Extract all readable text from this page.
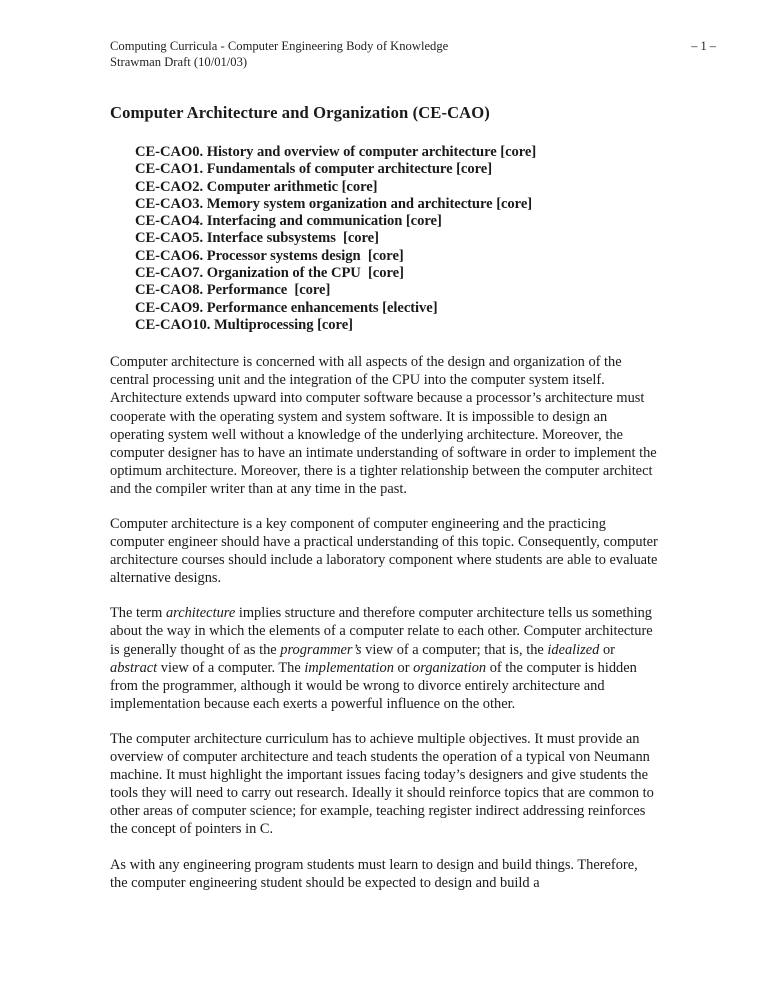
Computing Curricula - Computer Engineering Body of Knowledge
Strawman Draft (10/01/03)
– 1 –
Computer Architecture and Organization (CE-CAO)
CE-CAO0. History and overview of computer architecture [core]
CE-CAO1. Fundamentals of computer architecture [core]
CE-CAO2. Computer arithmetic [core]
CE-CAO3. Memory system organization and architecture [core]
CE-CAO4. Interfacing and communication [core]
CE-CAO5. Interface subsystems  [core]
CE-CAO6. Processor systems design  [core]
CE-CAO7. Organization of the CPU  [core]
CE-CAO8. Performance  [core]
CE-CAO9. Performance enhancements [elective]
CE-CAO10. Multiprocessing [core]

Computer architecture is concerned with all aspects of the design and organization of the central processing unit and the integration of the CPU into the computer system itself. Architecture extends upward into computer software because a processor’s architecture must cooperate with the operating system and system software. It is impossible to design an operating system well without a knowledge of the underlying architecture. Moreover, the computer designer has to have an intimate understanding of software in order to implement the optimum architecture. Moreover, there is a tighter relationship between the computer architect and the compiler writer than at any time in the past.

Computer architecture is a key component of computer engineering and the practicing computer engineer should have a practical understanding of this topic. Consequently, computer architecture courses should include a laboratory component where students are able to evaluate alternative designs.

The term architecture implies structure and therefore computer architecture tells us something about the way in which the elements of a computer relate to each other. Computer architecture is generally thought of as the programmer’s view of a computer; that is, the idealized or abstract view of a computer. The implementation or organization of the computer is hidden from the programmer, although it would be wrong to divorce entirely architecture and implementation because each exerts a powerful influence on the other.

The computer architecture curriculum has to achieve multiple objectives. It must provide an overview of computer architecture and teach students the operation of a typical von Neumann machine. It must highlight the important issues facing today’s designers and give students the tools they will need to carry out research. Ideally it should reinforce topics that are common to other areas of computer science; for example, teaching register indirect addressing reinforces the concept of pointers in C.

As with any engineering program students must learn to design and build things. Therefore, the computer engineering student should be expected to design and build a
